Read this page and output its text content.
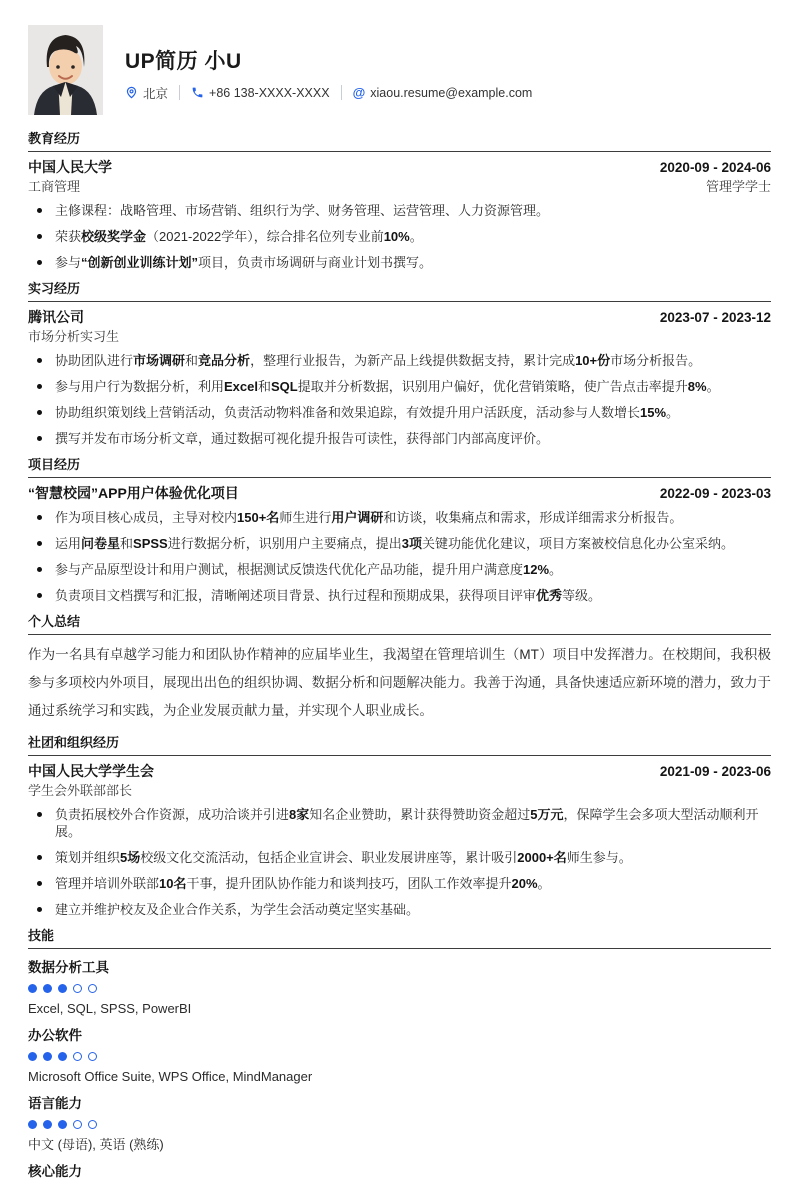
UP简历 小U
北京	+86 138-XXXX-XXXX @ xiaou.resume@example.com
教育经历
中国人民大学	2020-09 - 2024-06
工商管理	管理学学士
主修课程：战略管理、市场营销、组织行为学、财务管理、运营管理、人力资源管理。
荣获校级奖学金（2021-2022学年），综合排名位列专业前10%。
参与“创新创业训练计划”项目，负责市场调研与商业计划书撰写。
实习经历
腾讯公司	2023-07 - 2023-12
市场分析实习生
协助团队进行市场调研和竞品分析，整理行业报告，为新产品上线提供数据支持，累计完成10+份市场分析报告。
参与用户行为数据分析，利用Excel和SQL提取并分析数据，识别用户偏好，优化营销策略，使广告点击率提升8%。
协助组织策划线上营销活动，负责活动物料准备和效果追踪，有效提升用户活跃度，活动参与人数增长15%。
撰写并发布市场分析文章，通过数据可视化提升报告可读性，获得部门内部高度评价。
项目经历
“智慧校园”APP用户体验优化项目	2022-09 - 2023-03
作为项目核心成员，主导对校内150+名师生进行用户调研和访谈，收集痛点和需求，形成详细需求分析报告。
运用问卷星和SPSS进行数据分析，识别用户主要痛点，提出3项关键功能优化建议，项目方案被校信息化办公室采纳。
参与产品原型设计和用户测试，根据测试反馈迭代优化产品功能，提升用户满意度12%。
负责项目文档撰写和汇报，清晰阐述项目背景、执行过程和预期成果，获得项目评审优秀等级。
个人总结
作为一名具有卓越学习能力和团队协作精神的应届毕业生，我渴望在管理培训生（MT）项目中发挥潜力。在校期间，我积极参与多项校内外项目，展现出出色的组织协调、数据分析和问题解决能力。我善于沟通，具备快速适应新环境的潜力，致力于通过系统学习和实践，为企业发展贡献力量，并实现个人职业成长。
社团和组织经历
中国人民大学学生会	2021-09 - 2023-06
学生会外联部部长
负责拓展校外合作资源，成功洽谈并引进8家知名企业赞助，累计获得赞助资金超过5万元，保障学生会多项大型活动顺利开展。
策划并组织5场校级文化交流活动，包括企业宣讲会、职业发展讲座等，累计吸引2000+名师生参与。
管理并培训外联部10名干事，提升团队协作能力和谈判技巧，团队工作效率提升20%。
建立并维护校友及企业合作关系，为学生会活动奠定坚实基础。
技能
数据分析工具
Excel, SQL, SPSS, PowerBI
办公软件
Microsoft Office Suite, WPS Office, MindManager
语言能力
中文 (母语), 英语 (熟练)
核心能力
